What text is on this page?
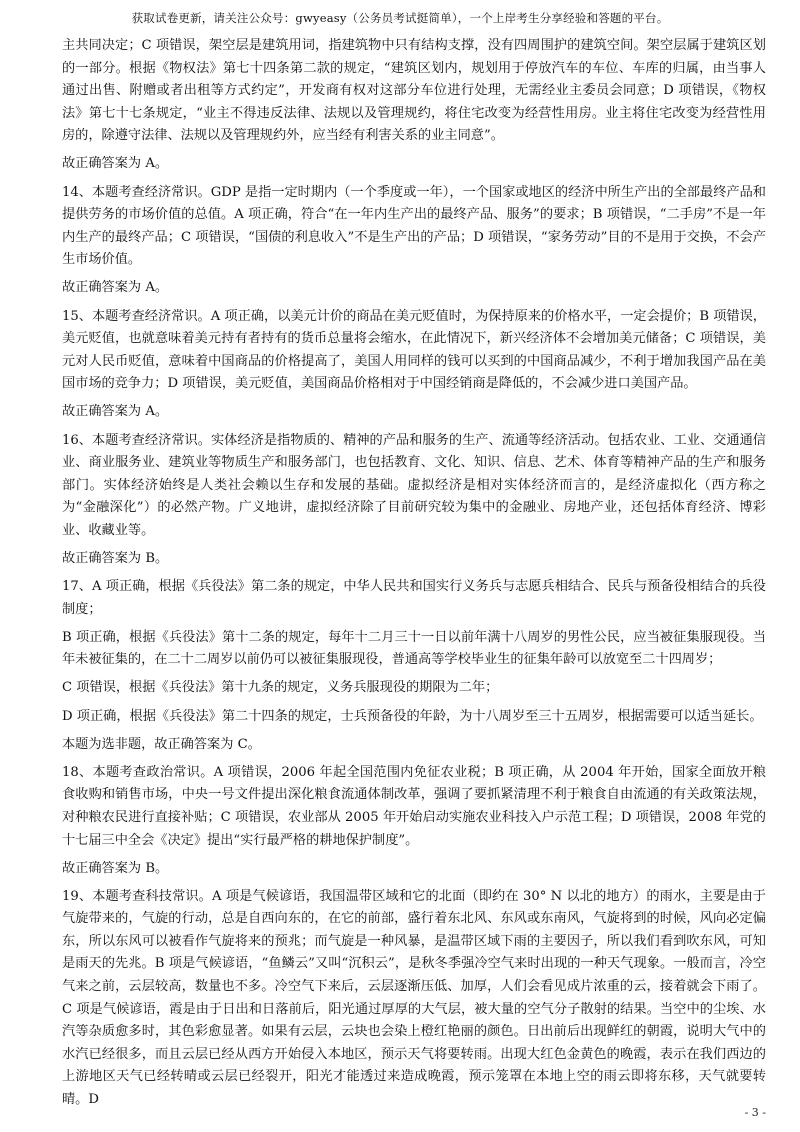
获取试卷更新，请关注公众号：gwyeasy（公务员考试挺简单），一个上岸考生分享经验和答题的平台。

主共同决定；C 项错误，架空层是建筑用词，指建筑物中只有结构支撑，没有四周围护的建筑空间。架空层属于建筑区划的一部分。根据《物权法》第七十四条第二款的规定，“建筑区划内，规划用于停放汽车的车位、车库的归属，由当事人通过出售、附赠或者出租等方式约定”，开发商有权对这部分车位进行处理，无需经业主委员会同意；D 项错误，《物权法》第七十七条规定，“业主不得违反法律、法规以及管理规约，将住宅改变为经营性用房。业主将住宅改变为经营性用房的，除遵守法律、法规以及管理规约外，应当经有利害关系的业主同意”。

故正确答案为 A。

14、本题考查经济常识。GDP 是指一定时期内（一个季度或一年），一个国家或地区的经济中所生产出的全部最终产品和提供劳务的市场价值的总值。A 项正确，符合“在一年内生产出的最终产品、服务”的要求；B 项错误，“二手房”不是一年内生产的最终产品；C 项错误，“国债的利息收入”不是生产出的产品；D 项错误，“家务劳动”目的不是用于交换，不会产生市场价值。

故正确答案为 A。

15、本题考查经济常识。A 项正确，以美元计价的商品在美元贬值时，为保持原来的价格水平，一定会提价；B 项错误，美元贬值，也就意味着美元持有者持有的货币总量将会缩水，在此情况下，新兴经济体不会增加美元储备；C 项错误，美元对人民币贬值，意味着中国商品的价格提高了，美国人用同样的钱可以买到的中国商品减少，不利于增加我国产品在美国市场的竞争力；D 项错误，美元贬值，美国商品价格相对于中国经销商是降低的，不会减少进口美国产品。

故正确答案为 A。

16、本题考查经济常识。实体经济是指物质的、精神的产品和服务的生产、流通等经济活动。包括农业、工业、交通通信业、商业服务业、建筑业等物质生产和服务部门，也包括教育、文化、知识、信息、艺术、体育等精神产品的生产和服务部门。实体经济始终是人类社会赖以生存和发展的基础。虚拟经济是相对实体经济而言的，是经济虚拟化（西方称之为“金融深化”）的必然产物。广义地讲，虚拟经济除了目前研究较为集中的金融业、房地产业，还包括体育经济、博彩业、收藏业等。

故正确答案为 B。

17、A 项正确，根据《兵役法》第二条的规定，中华人民共和国实行义务兵与志愿兵相结合、民兵与预备役相结合的兵役制度；

B 项正确，根据《兵役法》第十二条的规定，每年十二月三十一日以前年满十八周岁的男性公民，应当被征集服现役。当年未被征集的，在二十二周岁以前仍可以被征集服现役，普通高等学校毕业生的征集年龄可以放宽至二十四周岁；

C 项错误，根据《兵役法》第十九条的规定，义务兵服现役的期限为二年；

D 项正确，根据《兵役法》第二十四条的规定，士兵预备役的年龄，为十八周岁至三十五周岁，根据需要可以适当延长。

本题为选非题，故正确答案为 C。

18、本题考查政治常识。A 项错误，2006 年起全国范围内免征农业税；B 项正确，从 2004 年开始，国家全面放开粮食收购和销售市场，中央一号文件提出深化粮食流通体制改革，强调了要抓紧清理不利于粮食自由流通的有关政策法规，对种粮农民进行直接补贴；C 项错误，农业部从 2005 年开始启动实施农业科技入户示范工程；D 项错误，2008 年党的十七届三中全会《决定》提出“实行最严格的耕地保护制度”。

故正确答案为 B。

19、本题考查科技常识。A 项是气候谚语，我国温带区域和它的北面（即约在 30° N 以北的地方）的雨水，主要是由于气旋带来的，气旋的行动，总是自西向东的，在它的前部，盛行着东北风、东风或东南风，气旋将到的时候，风向必定偏东，所以东风可以被看作气旋将来的预兆；而气旋是一种风暴，是温带区域下雨的主要因子，所以我们看到吹东风，可知是雨天的先兆。B 项是气候谚语，“鱼鳞云”又叫“沉积云”，是秋冬季强冷空气来时出现的一种天气现象。一般而言，冷空气来之前，云层较高，数量也不多。冷空气下来后，云层逐渐压低、加厚，人们会看见成片浓重的云，接着就会下雨了。C 项是气候谚语，霞是由于日出和日落前后，阳光通过厚厚的大气层，被大量的空气分子散射的结果。当空中的尘埃、水汽等杂质愈多时，其色彩愈显著。如果有云层，云块也会染上橙红艳丽的颜色。日出前后出现鲜红的朝霞，说明大气中的水汽已经很多，而且云层已经从西方开始侵入本地区，预示天气将要转雨。出现大红色金黄色的晚霞，表示在我们西边的上游地区天气已经转晴或云层已经裂开，阳光才能透过来造成晚霞，预示笼罩在本地上空的雨云即将东移，天气就要转晴。D

- 3 -
